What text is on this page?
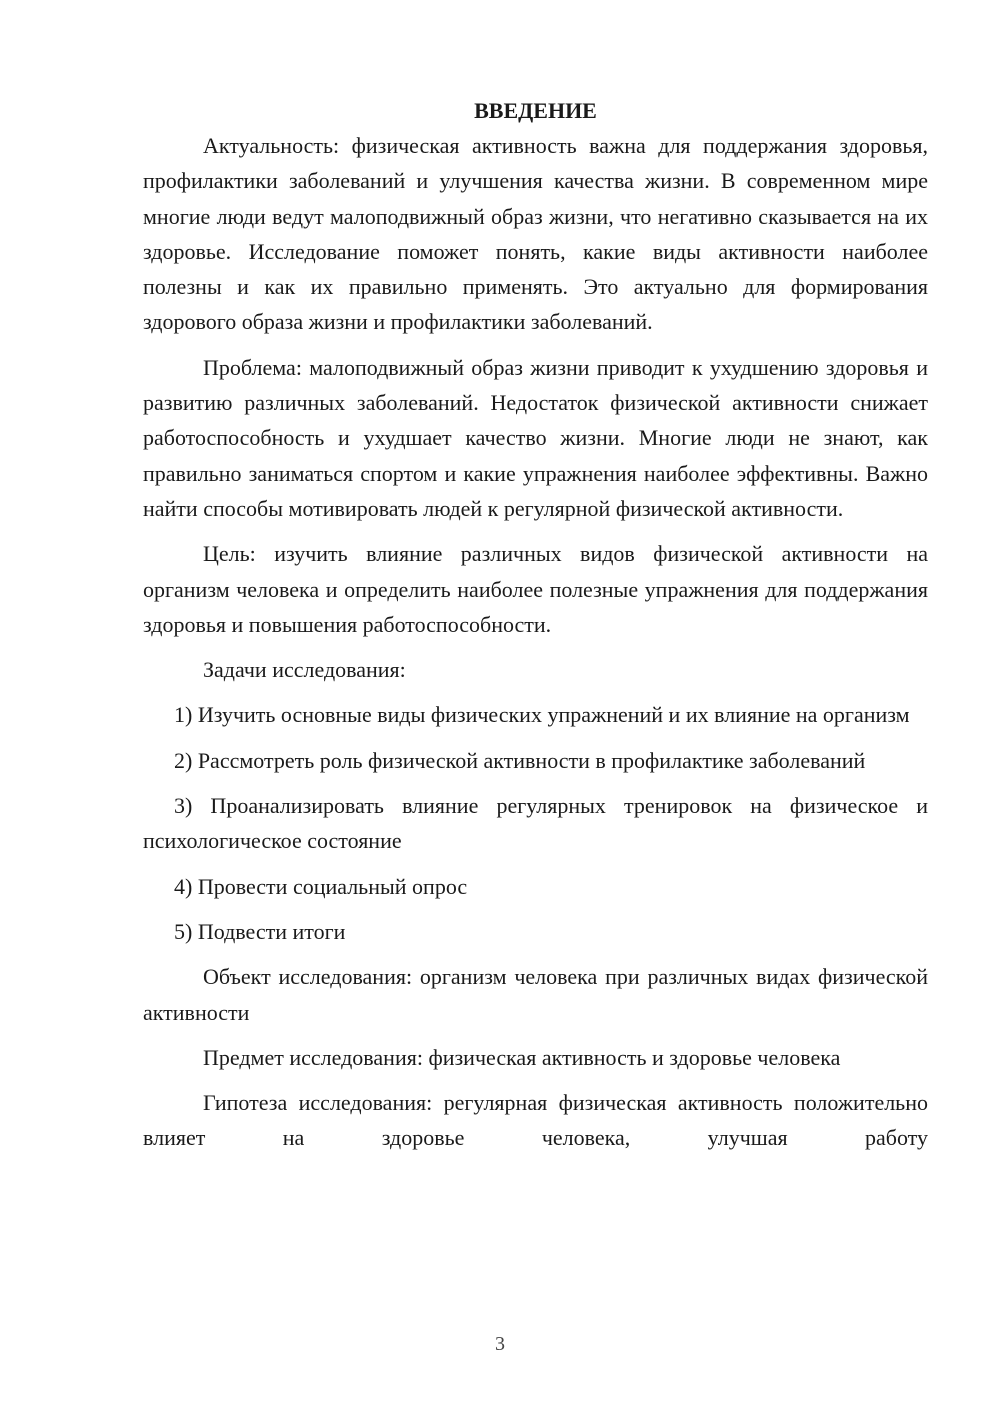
ВВЕДЕНИЕ

Актуальность: физическая активность важна для поддержания здоровья, профилактики заболеваний и улучшения качества жизни. В современном мире многие люди ведут малоподвижный образ жизни, что негативно сказывается на их здоровье. Исследование поможет понять, какие виды активности наиболее полезны и как их правильно применять. Это актуально для формирования здорового образа жизни и профилактики заболеваний.

Проблема: малоподвижный образ жизни приводит к ухудшению здоровья и развитию различных заболеваний. Недостаток физической активности снижает работоспособность и ухудшает качество жизни. Многие люди не знают, как правильно заниматься спортом и какие упражнения наиболее эффективны. Важно найти способы мотивировать людей к регулярной физической активности.

Цель: изучить влияние различных видов физической активности на организм человека и определить наиболее полезные упражнения для поддержания здоровья и повышения работоспособности.

Задачи исследования:

1) Изучить основные виды физических упражнений и их влияние на организм

2) Рассмотреть роль физической активности в профилактике заболеваний

3) Проанализировать влияние регулярных тренировок на физическое и психологическое состояние

4) Провести социальный опрос

5) Подвести итоги

Объект исследования: организм человека при различных видах физической активности

Предмет исследования: физическая активность и здоровье человека

Гипотеза исследования: регулярная физическая активность положительно влияет на здоровье человека, улучшая работу

3
